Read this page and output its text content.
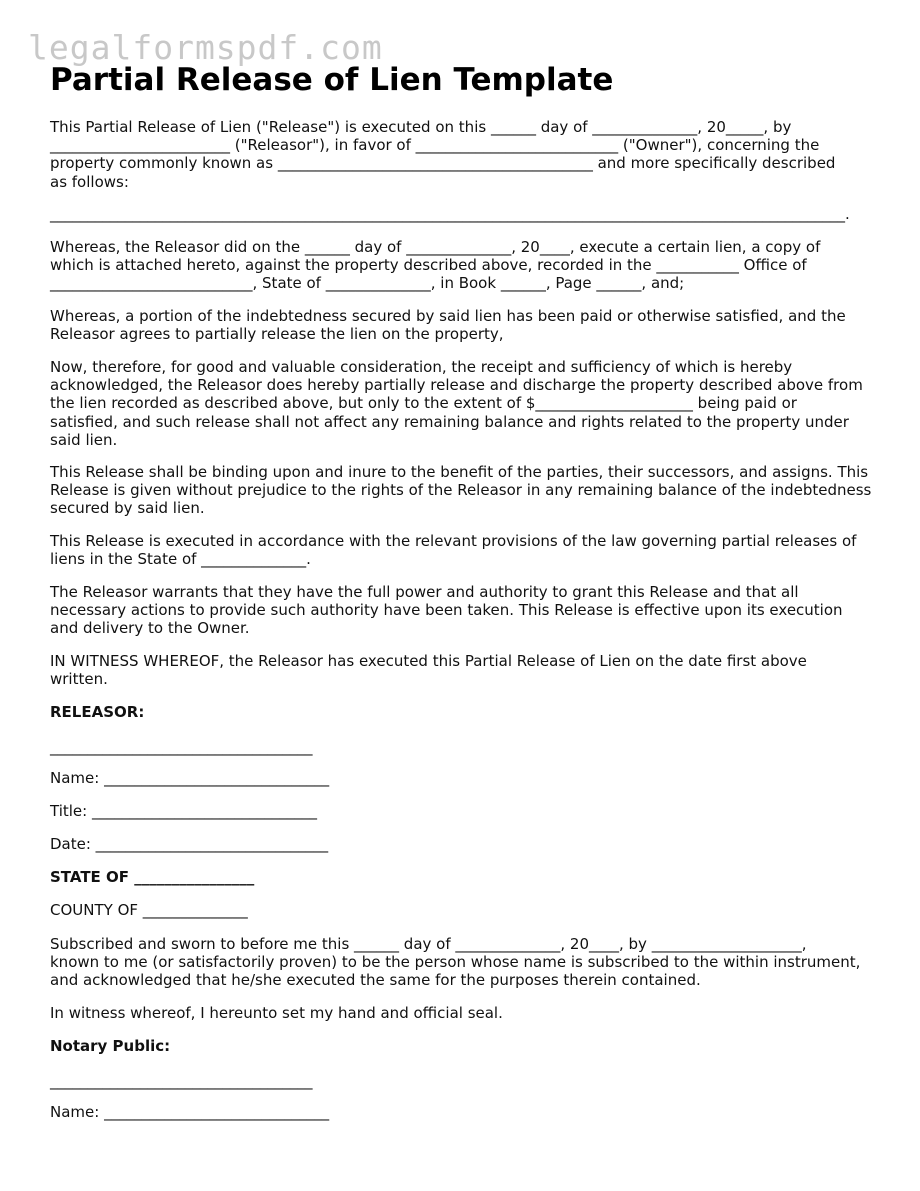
legalformspdf.com
Partial Release of Lien Template
This Partial Release of Lien ("Release") is executed on this ______ day of ______________, 20_____, by
________________________ ("Releasor"), in favor of ___________________________ ("Owner"), concerning the
property commonly known as __________________________________________ and more specifically described
as follows:
__________________________________________________________________________________________________________.
Whereas, the Releasor did on the ______ day of ______________, 20____, execute a certain lien, a copy of
which is attached hereto, against the property described above, recorded in the ___________ Office of
___________________________, State of ______________, in Book ______, Page ______, and;
Whereas, a portion of the indebtedness secured by said lien has been paid or otherwise satisfied, and the
Releasor agrees to partially release the lien on the property,
Now, therefore, for good and valuable consideration, the receipt and sufficiency of which is hereby
acknowledged, the Releasor does hereby partially release and discharge the property described above from
the lien recorded as described above, but only to the extent of $_____________________ being paid or
satisfied, and such release shall not affect any remaining balance and rights related to the property under
said lien.
This Release shall be binding upon and inure to the benefit of the parties, their successors, and assigns. This
Release is given without prejudice to the rights of the Releasor in any remaining balance of the indebtedness
secured by said lien.
This Release is executed in accordance with the relevant provisions of the law governing partial releases of
liens in the State of ______________.
The Releasor warrants that they have the full power and authority to grant this Release and that all
necessary actions to provide such authority have been taken. This Release is effective upon its execution
and delivery to the Owner.
IN WITNESS WHEREOF, the Releasor has executed this Partial Release of Lien on the date first above
written.
RELEASOR:
___________________________________
Name: ______________________________
Title: ______________________________
Date: _______________________________
STATE OF ________________
COUNTY OF ______________
Subscribed and sworn to before me this ______ day of ______________, 20____, by ____________________,
known to me (or satisfactorily proven) to be the person whose name is subscribed to the within instrument,
and acknowledged that he/she executed the same for the purposes therein contained.
In witness whereof, I hereunto set my hand and official seal.
Notary Public:
___________________________________
Name: ______________________________
